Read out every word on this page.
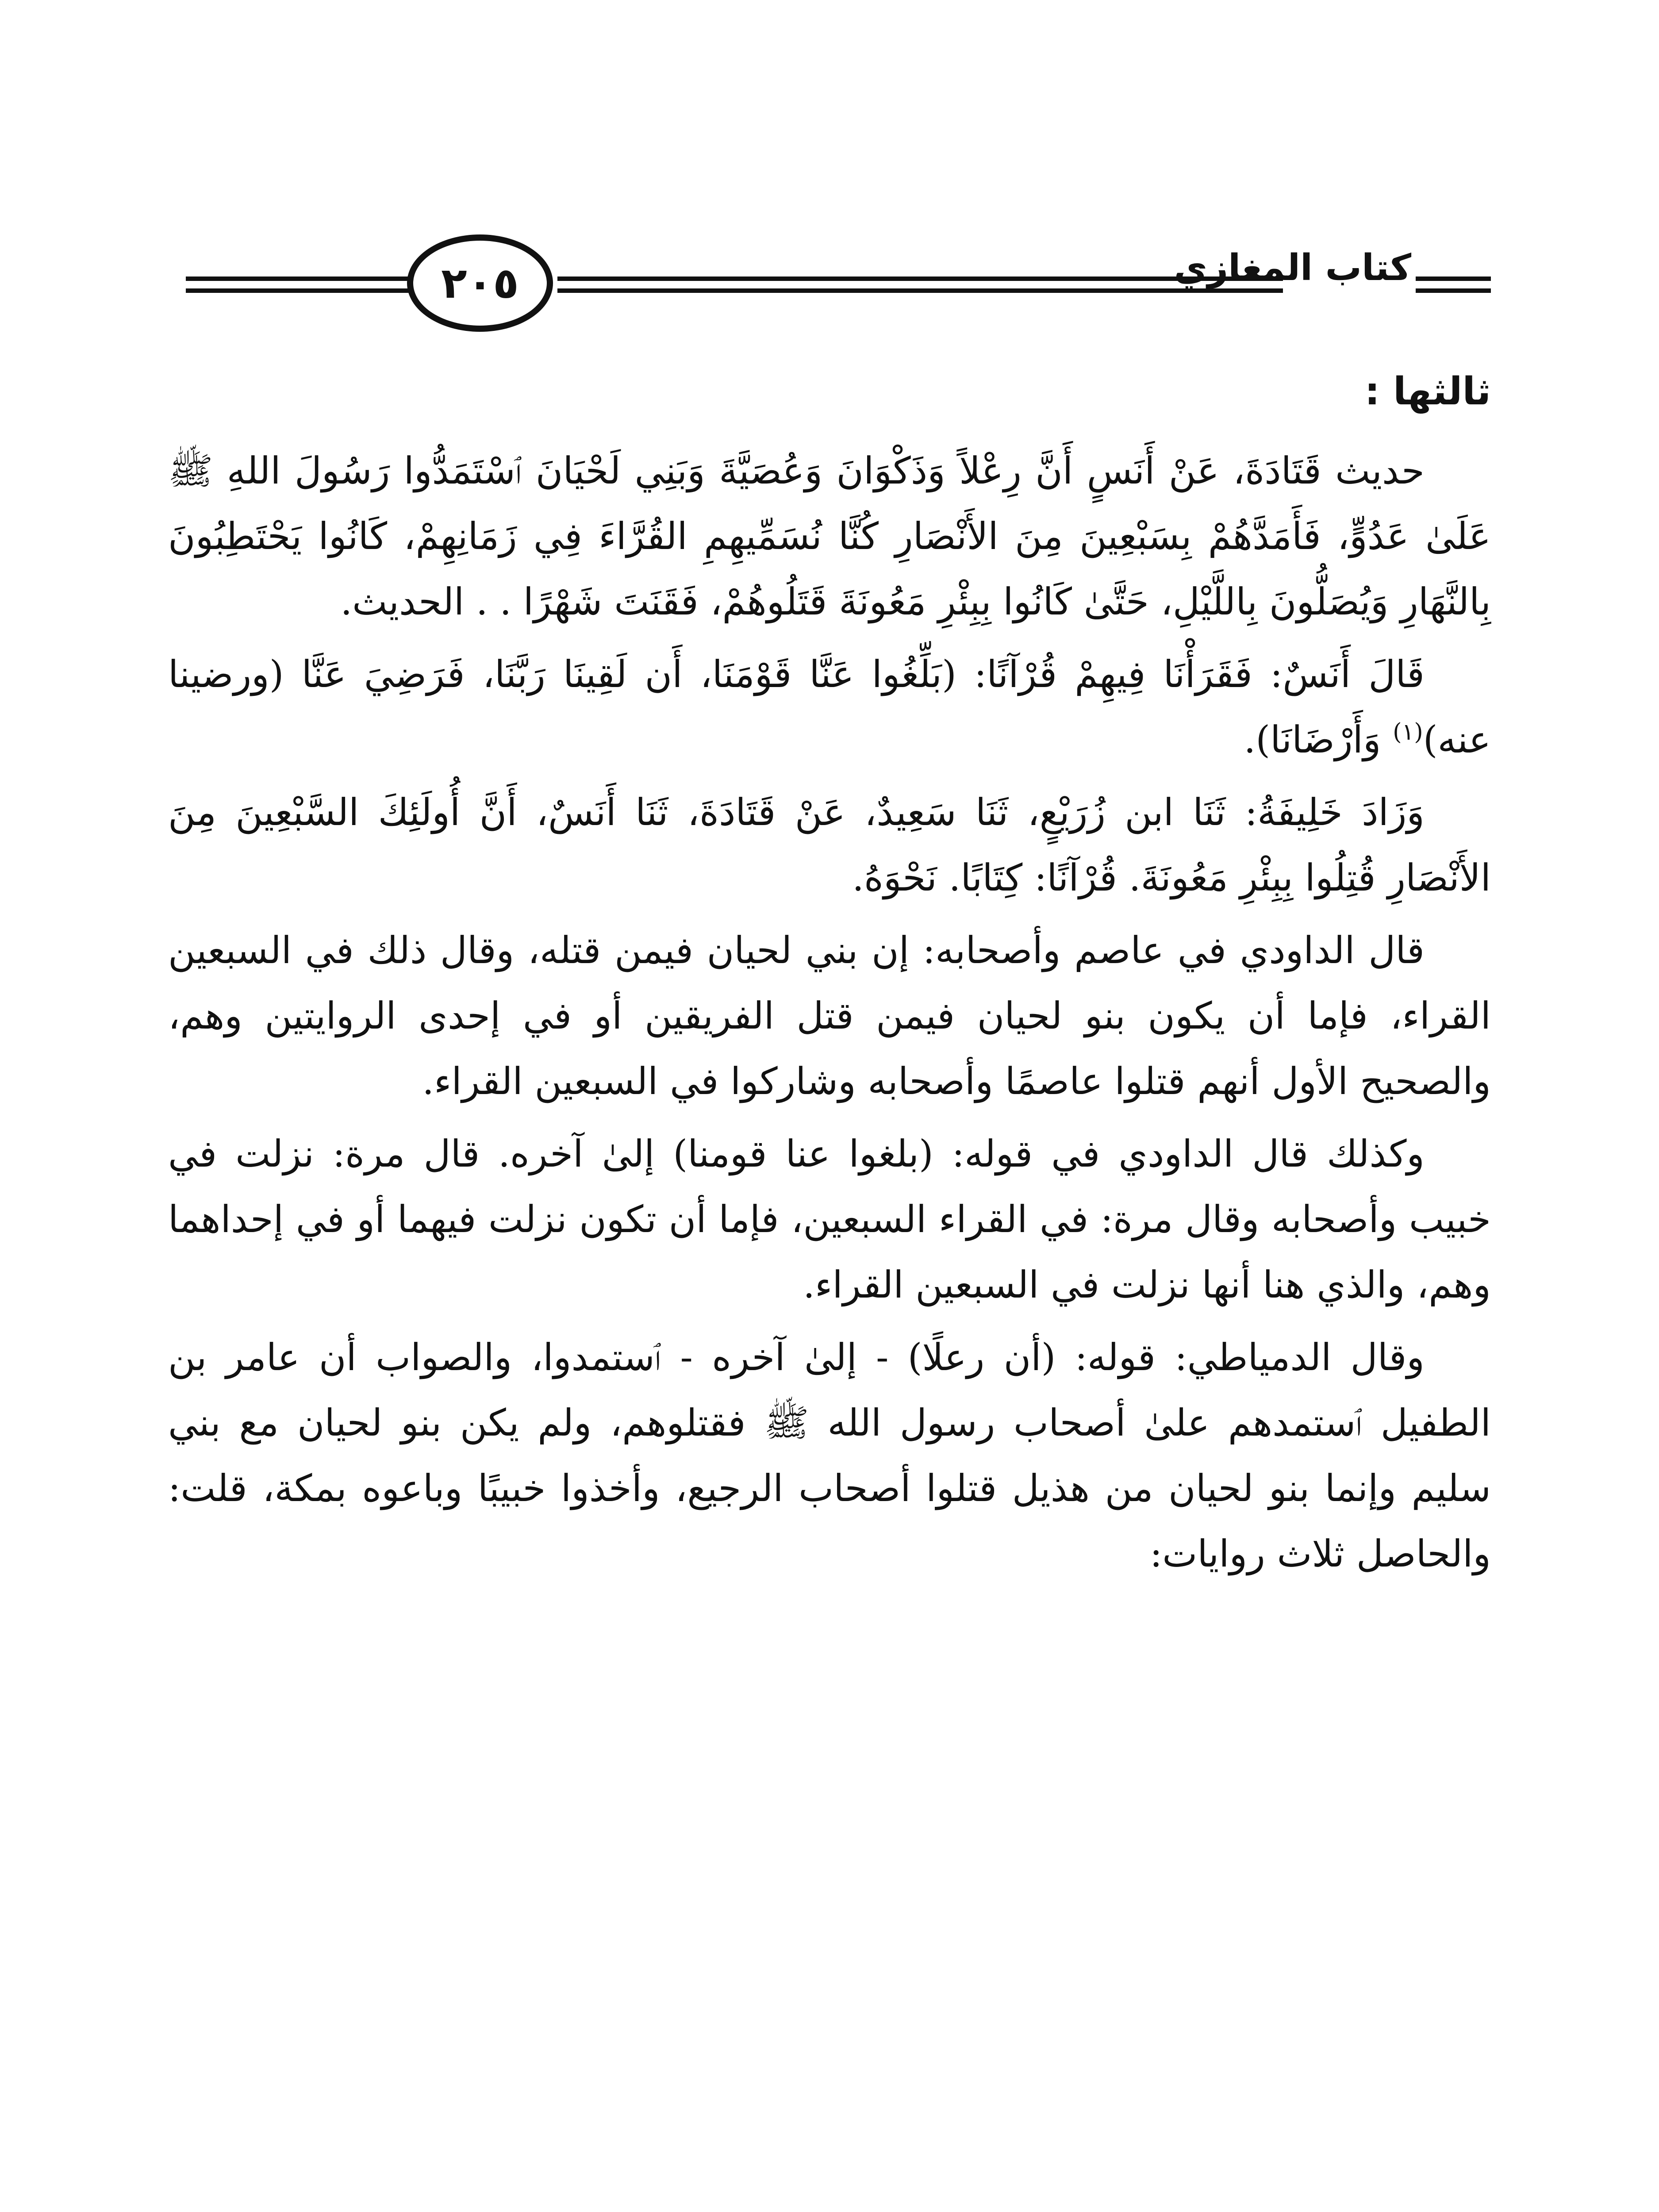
٢٠٥	كتاب المغازي

ثالثها :

حديث قَتَادَةَ، عَنْ أَنَسٍ أَنَّ رِعْلاً وَذَكْوَانَ وَعُصَيَّةَ وَبَنِي لَحْيَانَ ٱسْتَمَدُّوا رَسُولَ اللهِ ﷺ عَلَىٰ عَدُوٍّ، فَأَمَدَّهُمْ بِسَبْعِينَ مِنَ الأَنْصَارِ كُنَّا نُسَمِّيهِمِ القُرَّاءَ فِي زَمَانِهِمْ، كَانُوا يَحْتَطِبُونَ بِالنَّهَارِ وَيُصَلُّونَ بِاللَّيْلِ، حَتَّىٰ كَانُوا بِبِئْرِ مَعُونَةَ قَتَلُوهُمْ، فَقَنَتَ شَهْرًا . . الحديث.

قَالَ أَنَسٌ: فَقَرَأْنَا فِيهِمْ قُرْآنًا: (بَلِّغُوا عَنَّا قَوْمَنَا، أَن لَقِينَا رَبَّنَا، فَرَضِيَ عَنَّا (ورضينا عنه)$^{(١)}$ وَأَرْضَانَا).

وَزَادَ خَلِيفَةُ: ثَنَا ابن زُرَيْعٍ، ثَنَا سَعِيدٌ، عَنْ قَتَادَةَ، ثَنَا أَنَسٌ، أَنَّ أُولَئِكَ السَّبْعِينَ مِنَ الأَنْصَارِ قُتِلُوا بِبِئْرِ مَعُونَةَ. قُرْآنًا: كِتَابًا. نَحْوَهُ.

قال الداودي في عاصم وأصحابه: إن بني لحيان فيمن قتله، وقال ذلك في السبعين القراء، فإما أن يكون بنو لحيان فيمن قتل الفريقين أو في إحدى الروايتين وهم، والصحيح الأول أنهم قتلوا عاصمًا وأصحابه وشاركوا في السبعين القراء.

وكذلك قال الداودي في قوله: (بلغوا عنا قومنا) إلىٰ آخره. قال مرة: نزلت في خبيب وأصحابه وقال مرة: في القراء السبعين، فإما أن تكون نزلت فيهما أو في إحداهما وهم، والذي هنا أنها نزلت في السبعين القراء.

وقال الدمياطي: قوله: (أن رعلًا) - إلىٰ آخره - ٱستمدوا، والصواب أن عامر بن الطفيل ٱستمدهم علىٰ أصحاب رسول الله ﷺ فقتلوهم، ولم يكن بنو لحيان مع بني سليم وإنما بنو لحيان من هذيل قتلوا أصحاب الرجيع، وأخذوا خبيبًا وباعوه بمكة، قلت: والحاصل ثلاث روايات:
